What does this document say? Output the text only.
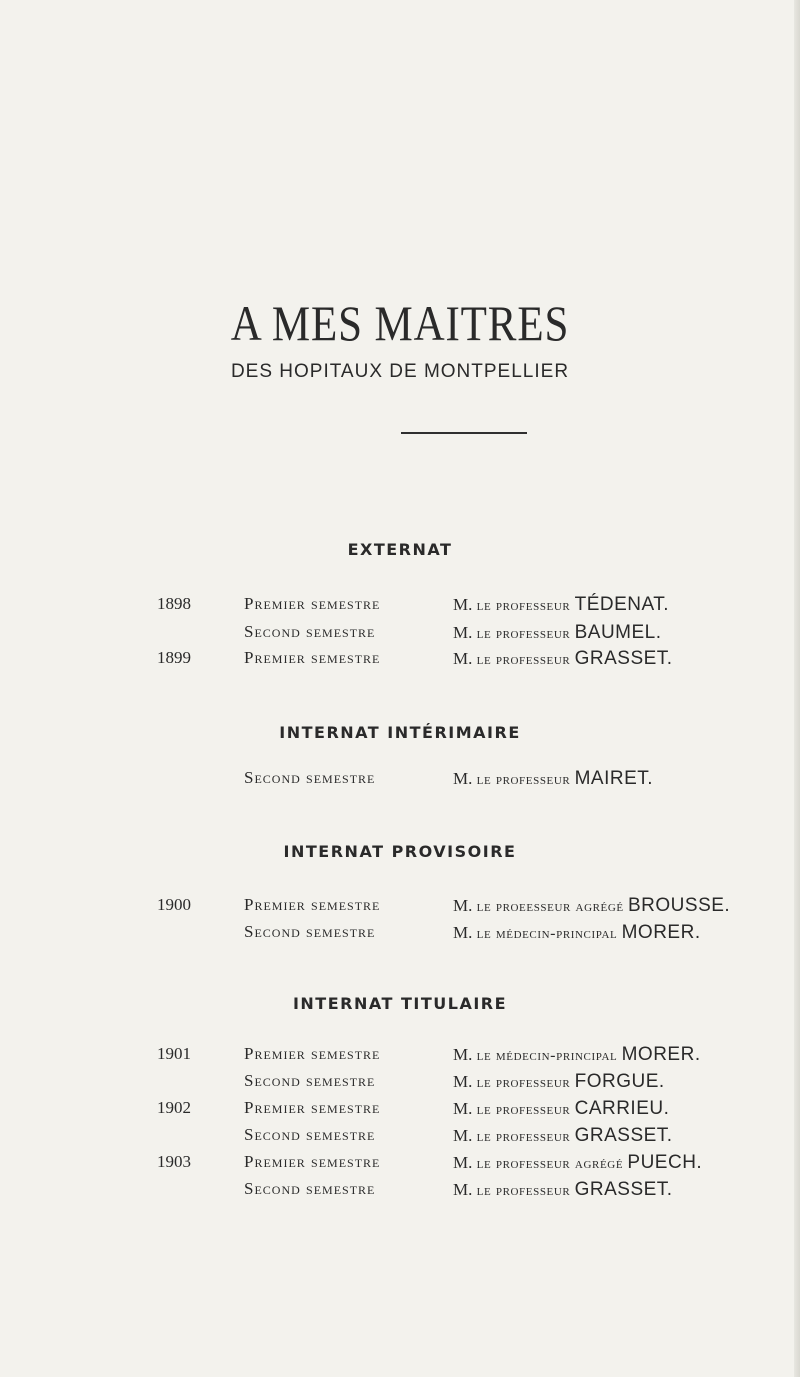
A MES MAITRES
DES HOPITAUX DE MONTPELLIER
EXTERNAT
1898	Premier semestre	M. le professeur TÉDENAT.
Second semestre	M. le professeur BAUMEL.
1899	Premier semestre	M. le professeur GRASSET.
INTERNAT INTÉRIMAIRE
Second semestre	M. le professeur MAIRET.
INTERNAT PROVISOIRE
1900	Premier semestre	M. le proeesseur agrégé BROUSSE.
Second semestre	M. le médecin-principal MORER.
INTERNAT TITULAIRE
1901	Premier semestre	M. le médecin-principal MORER.
Second semestre	M. le professeur FORGUE.
1902	Premier semestre	M. le professeur CARRIEU.
Second semestre	M. le professeur GRASSET.
1903	Premier semestre	M. le professeur agrégé PUECH.
Second semestre	M. le professeur GRASSET.
